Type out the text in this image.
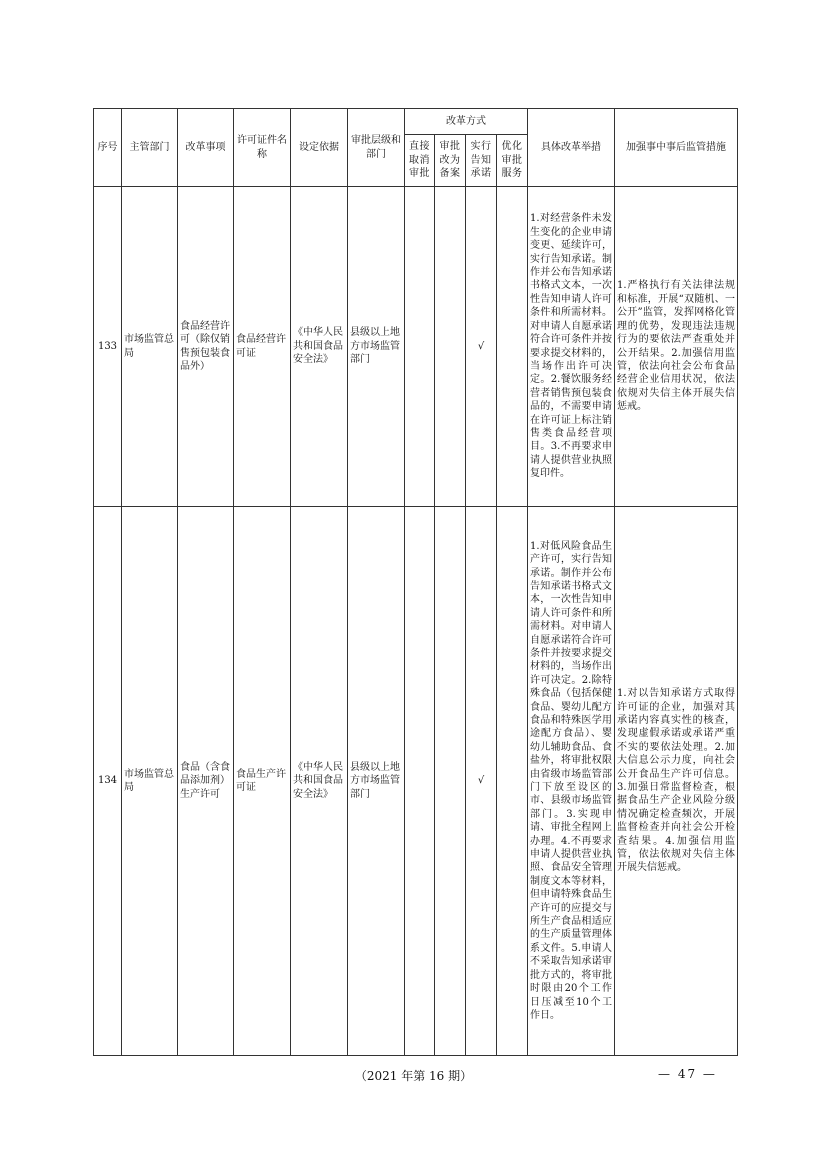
序号	主管部门	改革事项	许可证件名称	设定依据	审批层级和部门	改革方式				具体改革举措	加强事中事后监管措施
						直接取消审批	审批改为备案	实行告知承诺	优化审批服务		
133	市场监管总局	食品经营许可（除仅销售预包装食品外）	食品经营许可证	《中华人民共和国食品安全法》	县级以上地方市场监管部门			√		1.对经营条件未发生变化的企业申请变更、延续许可，实行告知承诺。制作并公布告知承诺书格式文本，一次性告知申请人许可条件和所需材料。对申请人自愿承诺符合许可条件并按要求提交材料的，当场作出许可决定。2.餐饮服务经营者销售预包装食品的，不需要申请在许可证上标注销售类食品经营项目。3.不再要求申请人提供营业执照复印件。	1.严格执行有关法律法规和标准，开展“双随机、一公开”监管，发挥网格化管理的优势，发现违法违规行为的要依法严查重处并公开结果。2.加强信用监管，依法向社会公布食品经营企业信用状况，依法依规对失信主体开展失信惩戒。
134	市场监管总局	食品（含食品添加剂）生产许可	食品生产许可证	《中华人民共和国食品安全法》	县级以上地方市场监管部门			√		1.对低风险食品生产许可，实行告知承诺。制作并公布告知承诺书格式文本，一次性告知申请人许可条件和所需材料。对申请人自愿承诺符合许可条件并按要求提交材料的，当场作出许可决定。2.除特殊食品（包括保健食品、婴幼儿配方食品和特殊医学用途配方食品）、婴幼儿辅助食品、食盐外，将审批权限由省级市场监管部门下放至设区的市、县级市场监管部门。3.实现申请、审批全程网上办理。4.不再要求申请人提供营业执照、食品安全管理制度文本等材料，但申请特殊食品生产许可的应提交与所生产食品相适应的生产质量管理体系文件。5.申请人不采取告知承诺审批方式的，将审批时限由20个工作日压减至10个工作日。	1.对以告知承诺方式取得许可证的企业，加强对其承诺内容真实性的核查，发现虚假承诺或承诺严重不实的要依法处理。2.加大信息公示力度，向社会公开食品生产许可信息。3.加强日常监督检查，根据食品生产企业风险分级情况确定检查频次，开展监督检查并向社会公开检查结果。4.加强信用监管，依法依规对失信主体开展失信惩戒。
（2021 年第 16 期）	— 47 —
